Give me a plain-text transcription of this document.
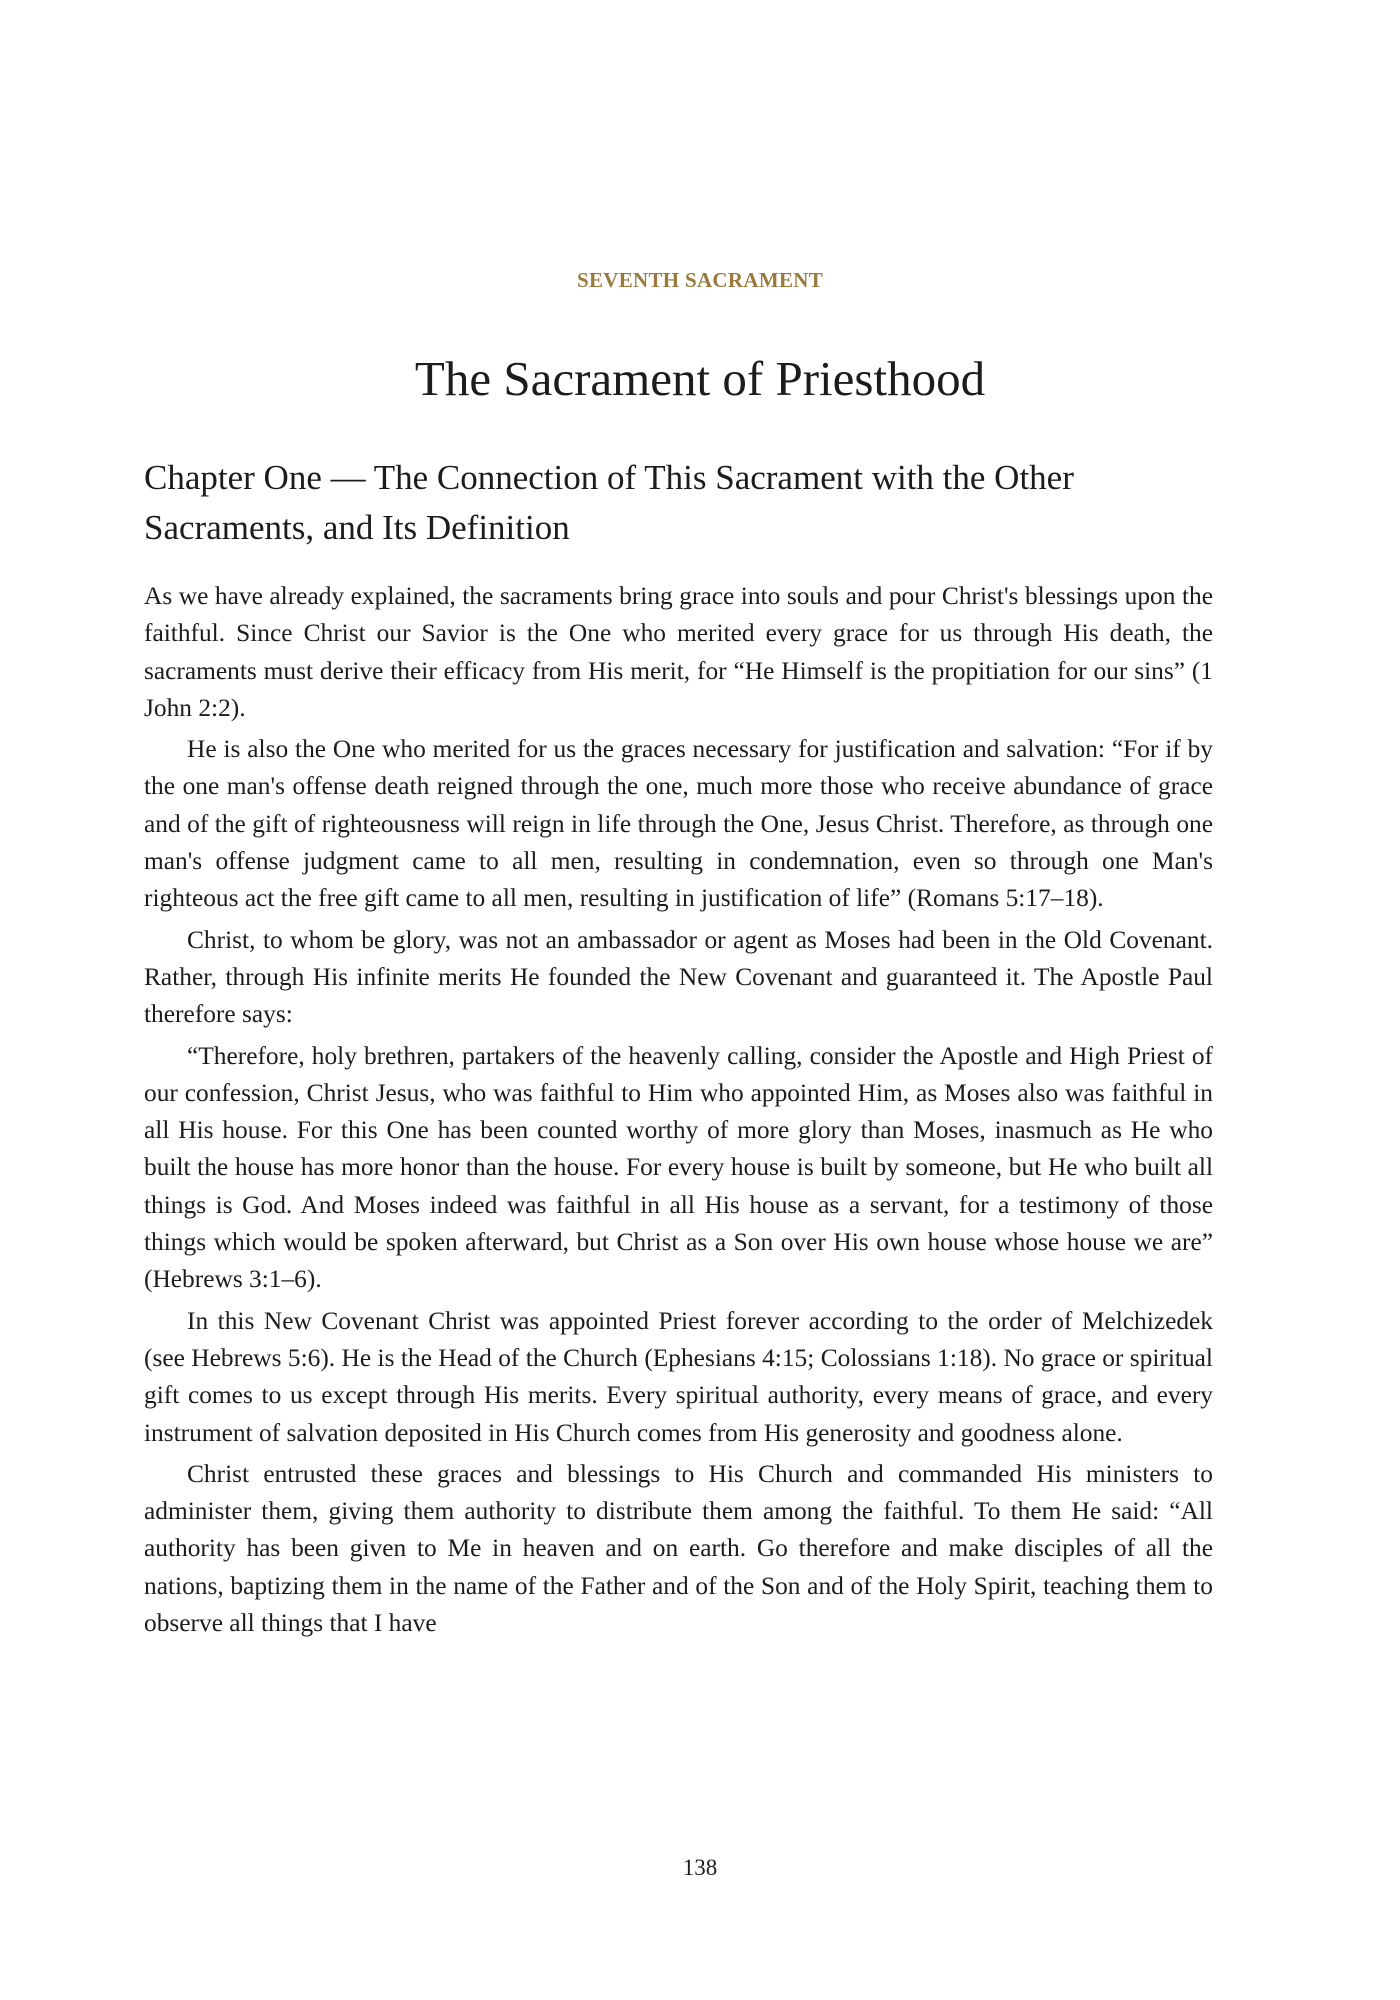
SEVENTH SACRAMENT
The Sacrament of Priesthood
Chapter One — The Connection of This Sacrament with the Other Sacraments, and Its Definition

As we have already explained, the sacraments bring grace into souls and pour Christ's blessings upon the faithful. Since Christ our Savior is the One who merited every grace for us through His death, the sacraments must derive their efficacy from His merit, for “He Himself is the propitiation for our sins” (1 John 2:2).

He is also the One who merited for us the graces necessary for justification and salvation: “For if by the one man's offense death reigned through the one, much more those who receive abundance of grace and of the gift of righteousness will reign in life through the One, Jesus Christ. Therefore, as through one man's offense judgment came to all men, resulting in condemnation, even so through one Man's righteous act the free gift came to all men, resulting in justification of life” (Romans 5:17–18).

Christ, to whom be glory, was not an ambassador or agent as Moses had been in the Old Covenant. Rather, through His infinite merits He founded the New Covenant and guaranteed it. The Apostle Paul therefore says:

“Therefore, holy brethren, partakers of the heavenly calling, consider the Apostle and High Priest of our confession, Christ Jesus, who was faithful to Him who appointed Him, as Moses also was faithful in all His house. For this One has been counted worthy of more glory than Moses, inasmuch as He who built the house has more honor than the house. For every house is built by someone, but He who built all things is God. And Moses indeed was faithful in all His house as a servant, for a testimony of those things which would be spoken afterward, but Christ as a Son over His own house whose house we are” (Hebrews 3:1–6).

In this New Covenant Christ was appointed Priest forever according to the order of Melchizedek (see Hebrews 5:6). He is the Head of the Church (Ephesians 4:15; Colossians 1:18). No grace or spiritual gift comes to us except through His merits. Every spiritual authority, every means of grace, and every instrument of salvation deposited in His Church comes from His generosity and goodness alone.

Christ entrusted these graces and blessings to His Church and commanded His ministers to administer them, giving them authority to distribute them among the faithful. To them He said: “All authority has been given to Me in heaven and on earth. Go therefore and make disciples of all the nations, baptizing them in the name of the Father and of the Son and of the Holy Spirit, teaching them to observe all things that I have

138
